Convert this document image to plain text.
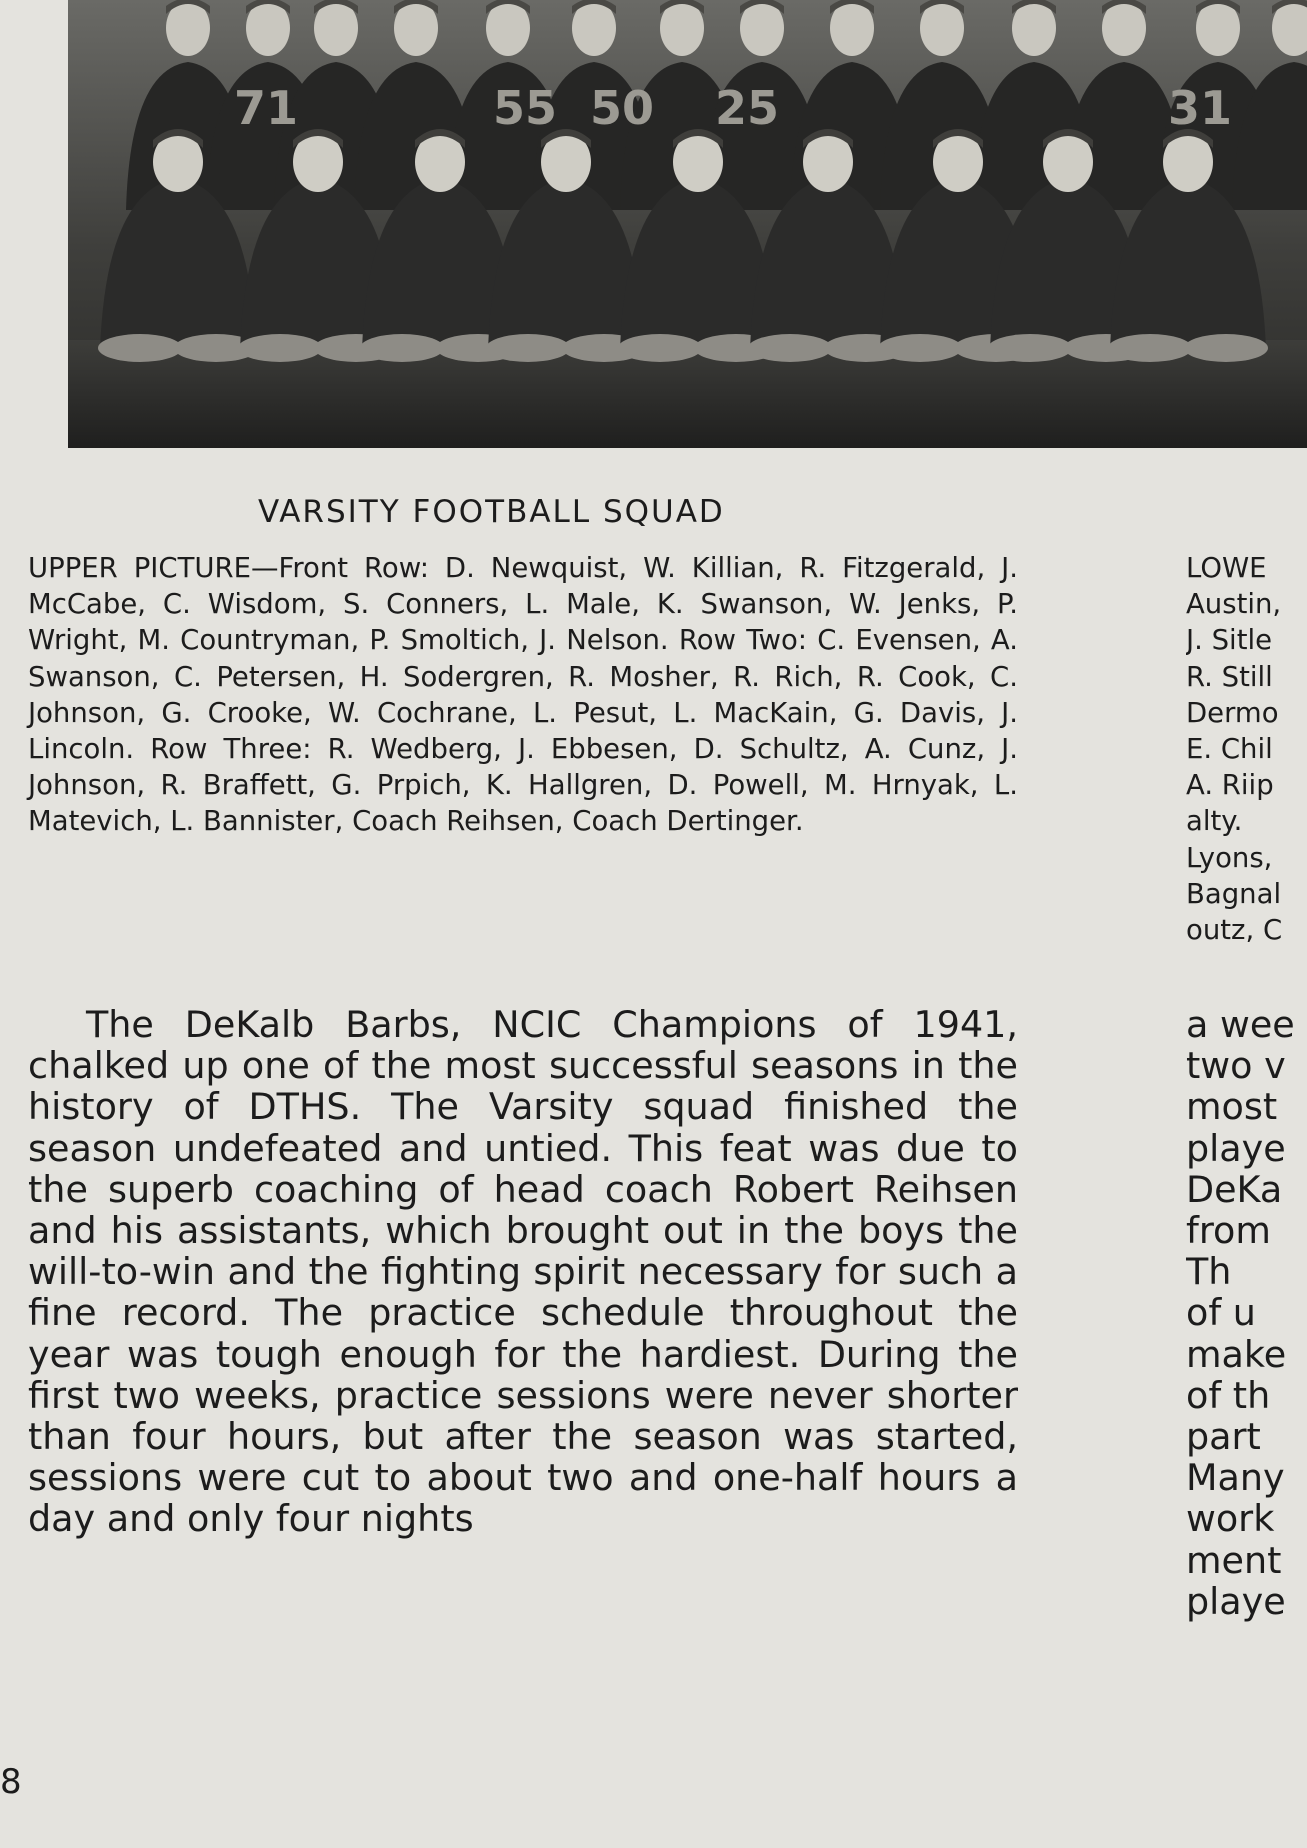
71	55 50 25	31
VARSITY FOOTBALL SQUAD
UPPER PICTURE—Front Row: D. Newquist, W. Killian, R. Fitzgerald, J. McCabe, C. Wisdom, S. Conners, L. Male, K. Swanson, W. Jenks, P. Wright, M. Countryman, P. Smoltich, J. Nelson. Row Two: C. Evensen, A. Swanson, C. Petersen, H. Sodergren, R. Mosher, R. Rich, R. Cook, C. Johnson, G. Crooke, W. Cochrane, L. Pesut, L. MacKain, G. Davis, J. Lincoln. Row Three: R. Wedberg, J. Ebbesen, D. Schultz, A. Cunz, J. Johnson, R. Braffett, G. Prpich, K. Hallgren, D. Powell, M. Hrnyak, L. Matevich, L. Bannister, Coach Reihsen, Coach Dertinger.

The DeKalb Barbs, NCIC Champions of 1941, chalked up one of the most successful seasons in the history of DTHS. The Varsity squad finished the season undefeated and untied. This feat was due to the superb coaching of head coach Robert Reihsen and his assistants, which brought out in the boys the will-to-win and the fighting spirit necessary for such a fine record. The practice schedule throughout the year was tough enough for the hardiest. During the first two weeks, practice sessions were never shorter than four hours, but after the season was started, sessions were cut to about two and one-half hours a day and only four nights

LOWE
Austin,
J. Sitle
R. Still
Dermo
E. Chil
A. Riip
alty.
Lyons,
Bagnal
outz, C
a wee
two v
most
playe
DeKa
from
Th
of u
make
of th
part
Many
work
ment
playe
8
